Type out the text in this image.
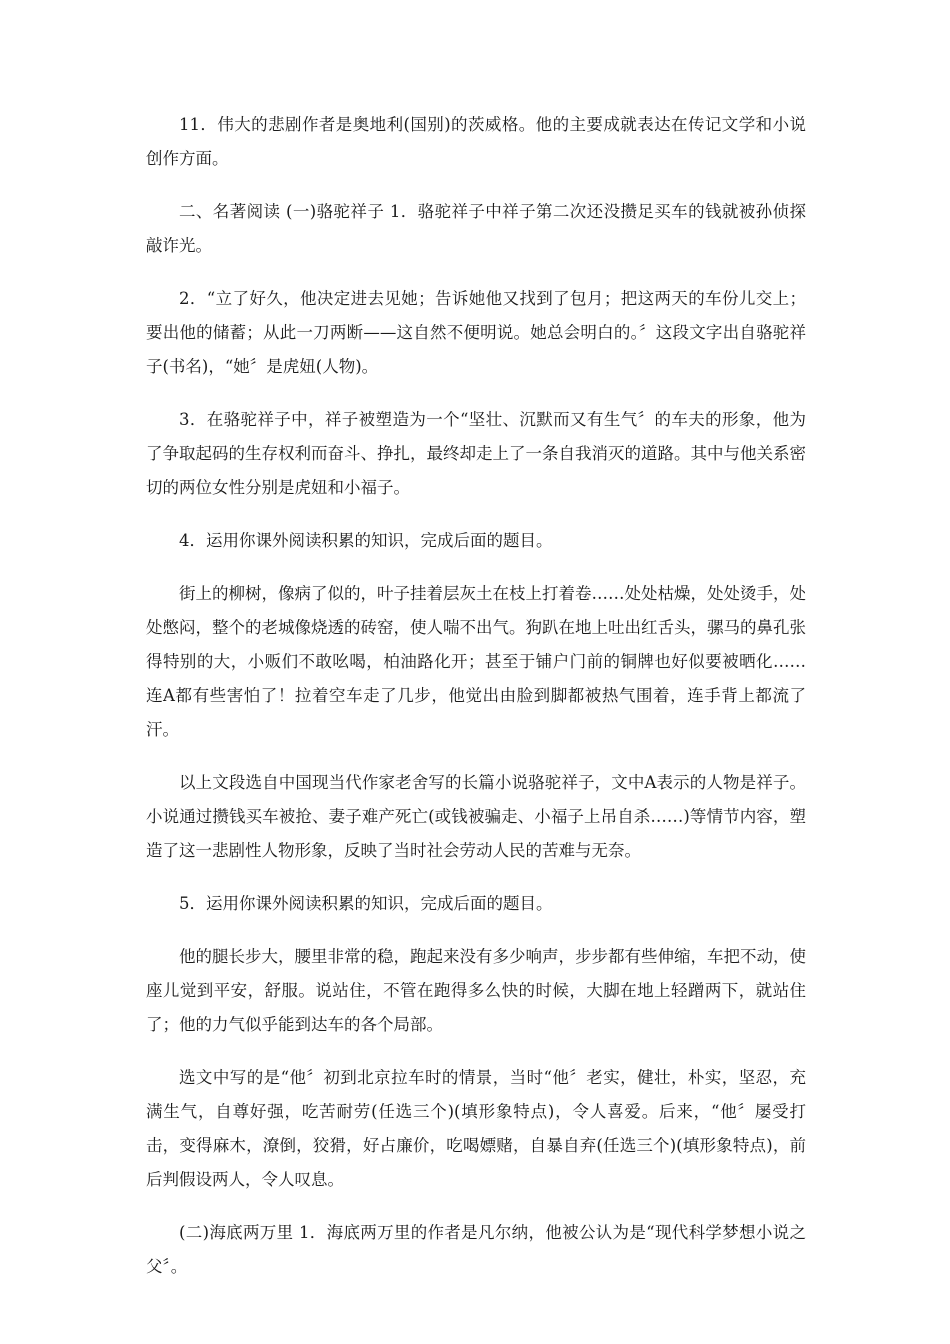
11．伟大的悲剧作者是奥地利(国别)的茨威格。他的主要成就表达在传记文学和小说创作方面。

二、名著阅读 (一)骆驼祥子 1．骆驼祥子中祥子第二次还没攒足买车的钱就被孙侦探敲诈光。

2．“立了好久，他决定进去见她；告诉她他又找到了包月；把这两天的车份儿交上；要出他的储蓄；从此一刀两断——这自然不便明说。她总会明白的。〞这段文字出自骆驼祥子(书名)，“她〞是虎妞(人物)。

3．在骆驼祥子中，祥子被塑造为一个“坚壮、沉默而又有生气〞的车夫的形象，他为了争取起码的生存权利而奋斗、挣扎，最终却走上了一条自我消灭的道路。其中与他关系密切的两位女性分别是虎妞和小福子。

4．运用你课外阅读积累的知识，完成后面的题目。

街上的柳树，像病了似的，叶子挂着层灰土在枝上打着卷……处处枯燥，处处烫手，处处憋闷，整个的老城像烧透的砖窑，使人喘不出气。狗趴在地上吐出红舌头，骡马的鼻孔张得特别的大，小贩们不敢吆喝，柏油路化开；甚至于铺户门前的铜牌也好似要被晒化…… 连A都有些害怕了！拉着空车走了几步，他觉出由脸到脚都被热气围着，连手背上都流了汗。

以上文段选自中国现当代作家老舍写的长篇小说骆驼祥子，文中A表示的人物是祥子。小说通过攒钱买车被抢、妻子难产死亡(或钱被骗走、小福子上吊自杀……)等情节内容，塑造了这一悲剧性人物形象，反映了当时社会劳动人民的苦难与无奈。

5．运用你课外阅读积累的知识，完成后面的题目。

他的腿长步大，腰里非常的稳，跑起来没有多少响声，步步都有些伸缩，车把不动，使座儿觉到平安，舒服。说站住，不管在跑得多么快的时候，大脚在地上轻蹭两下，就站住了；他的力气似乎能到达车的各个局部。

选文中写的是“他〞初到北京拉车时的情景，当时“他〞老实，健壮，朴实，坚忍，充满生气，自尊好强，吃苦耐劳(任选三个)(填形象特点)，令人喜爱。后来，“他〞屡受打击，变得麻木，潦倒，狡猾，好占廉价，吃喝嫖赌，自暴自弃(任选三个)(填形象特点)，前后判假设两人，令人叹息。

(二)海底两万里 1．海底两万里的作者是凡尔纳，他被公认为是“现代科学梦想小说之父〞。
